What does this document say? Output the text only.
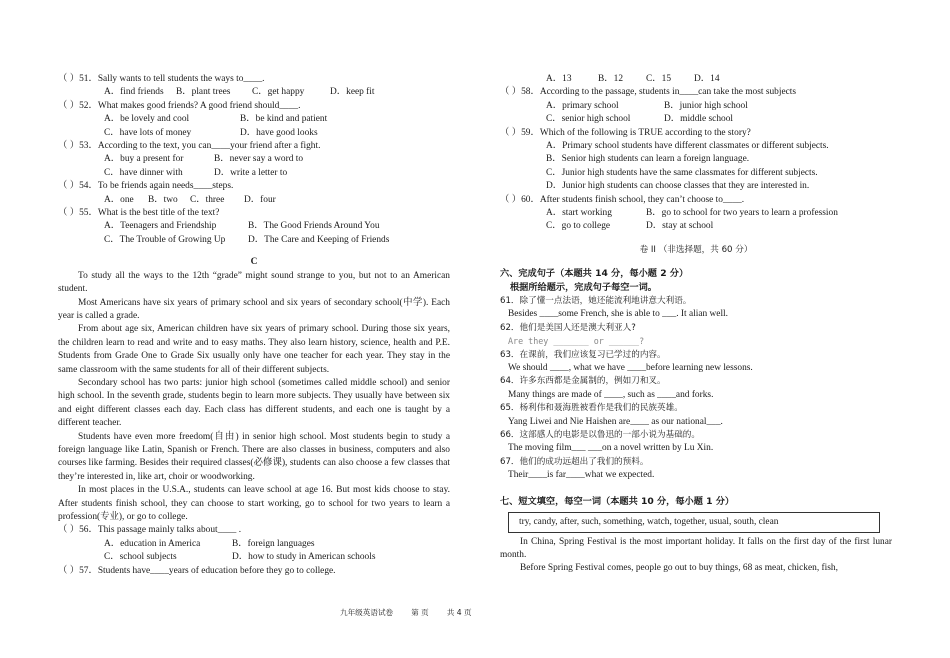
（ ）51．Sally wants to tell students the ways to____.
A．find friends	B．plant trees	C．get happy	D．keep fit
（ ）52．What makes good friends? A good friend should____.
A．be lovely and cool	B．be kind and patient
C．have lots of money	D．have good looks
（ ）53．According to the text, you can____your friend after a fight.
A．buy a present for	B．never say a word to
C．have dinner with	D．write a letter to
（ ）54．To be friends again needs____steps.
A．one	B．two	C．three	D．four
（ ）55．What is the best title of the text?
A．Teenagers and Friendship	B．The Good Friends Around You
C．The Trouble of Growing Up	D．The Care and Keeping of Friends
C
To study all the ways to the 12th “grade” might sound strange to you, but not to an American student.
Most Americans have six years of primary school and six years of secondary school(中学). Each year is called a grade.
From about age six, American children have six years of primary school. During those six years, the children learn to read and write and to easy maths. They also learn history, science, health and P.E. Students from Grade One to Grade Six usually only have one teacher for each year. They stay in the same classroom with the same students for all of their different subjects.
Secondary school has two parts: junior high school (sometimes called middle school) and senior high school. In the seventh grade, students begin to learn more subjects. They usually have between six and eight different classes each day. Each class has different students, and each one is taught by a different teacher.
Students have even more freedom(自由) in senior high school. Most students begin to study a foreign language like Latin, Spanish or French. There are also classes in business, computers and also courses like farming. Besides their required classes(必修课), students can also choose a few classes that they’re interested in, like art, choir or woodworking.
In most places in the U.S.A., students can leave school at age 16. But most kids choose to stay. After students finish school, they can choose to start working, go to school for two years to learn a profession(专业), or go to college.
（ ）56．This passage mainly talks about____ .
A．education in America	B．foreign languages
C．school subjects	D．how to study in American schools
（ ）57．Students have____years of education before they go to college.
A．13	B．12	C．15	D．14
（ ）58．According to the passage, students in____can take the most subjects
A．primary school	B．junior high school
C．senior high school	D．middle school
（ ）59．Which of the following is TRUE according to the story?
A．Primary school students have different classmates or different subjects.
B．Senior high students can learn a foreign language.
C．Junior high students have the same classmates for different subjects.
D．Junior high students can choose classes that they are interested in.
（ ）60．After students finish school, they can’t choose to____.
A．start working	B．go to school for two years to learn a profession
C．go to college	D．stay at school
卷 II （非选择题，共 60 分）
六、完成句子（本题共 14 分，每小题 2 分）
根据所给题示，完成句子每空一词。
61．除了懂一点法语，她还能流利地讲意大利语。
Besides ____some French, she is able to ___. It alian well.
62．他们是美国人还是澳大利亚人?
Are they _______ or ______?
63．在课前，我们应该复习已学过的内容。
We should ____, what we have ____before learning new lessons.
64．许多东西都是金属制的，例如刀和叉。
Many things are made of ____, such as ____and forks.
65．杨利伟和聂海胜被看作是我们的民族英雄。
Yang Liwei and Nie Haishen are____ as our national___.
66．这部感人的电影是以鲁迅的一部小说为基础的。
The moving film___ ___on a novel written by Lu Xin.
67．他们的成功远超出了我们的预料。
Their____is far____what we expected.
七、短文填空，每空一词（本题共 10 分，每小题 1 分）
try, candy, after, such, something, watch, together, usual, south, clean
In China, Spring Festival is the most important holiday. It falls on the first day of the first lunar month.
Before Spring Festival comes, people go out to buy things, 68 as meat, chicken, fish,
九年级英语试卷 第 页 共 4 页
